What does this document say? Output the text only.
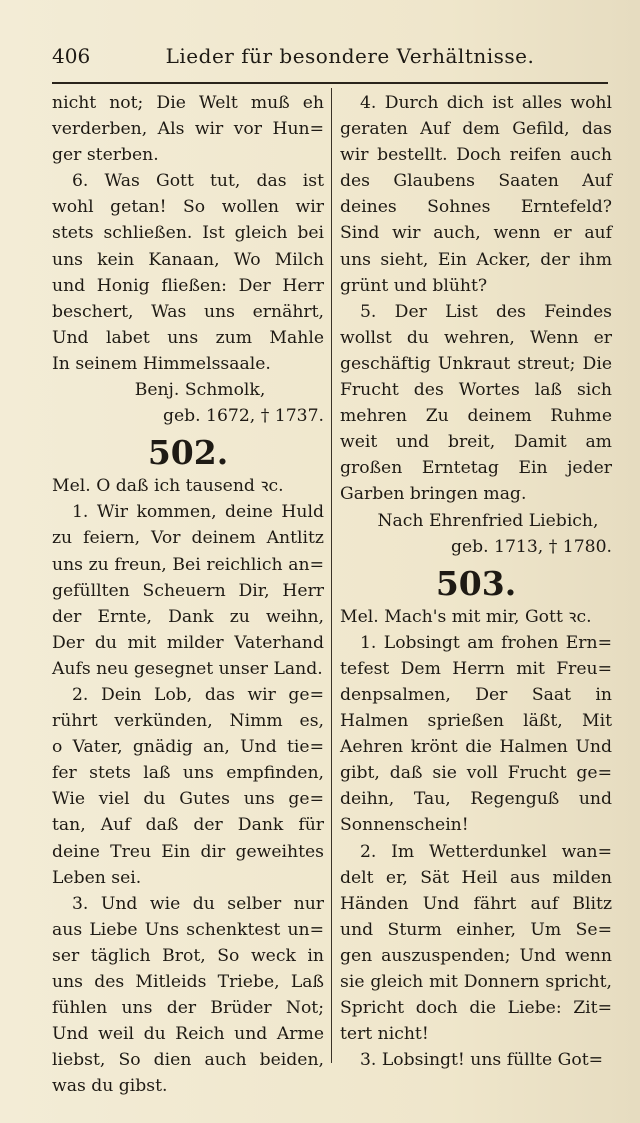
406	Lieder für besondere Verhältnisse.
nicht not; Die Welt muß eh
verderben, Als wir vor Hun=
ger sterben.
6. Was Gott tut, das ist
wohl getan! So wollen wir
stets schließen. Ist gleich bei
uns kein Kanaan, Wo Milch
und Honig fließen: Der Herr
beschert, Was uns ernährt,
Und labet uns zum Mahle
In seinem Himmelssaale.
Benj. Schmolk,
geb. 1672, † 1737.
502.
Mel. O daß ich tausend ꝛc.
1. Wir kommen, deine Huld
zu feiern, Vor deinem Antlitz
uns zu freun, Bei reichlich an=
gefüllten Scheuern Dir, Herr
der Ernte, Dank zu weihn,
Der du mit milder Vaterhand
Aufs neu gesegnet unser Land.
2. Dein Lob, das wir ge=
rührt verkünden, Nimm es,
o Vater, gnädig an, Und tie=
fer stets laß uns empfinden,
Wie viel du Gutes uns ge=
tan, Auf daß der Dank für
deine Treu Ein dir geweihtes
Leben sei.
3. Und wie du selber nur
aus Liebe Uns schenktest un=
ser täglich Brot, So weck in
uns des Mitleids Triebe, Laß
fühlen uns der Brüder Not;
Und weil du Reich und Arme
liebst, So dien auch beiden,
was du gibst.
4. Durch dich ist alles wohl
geraten Auf dem Gefild, das
wir bestellt. Doch reifen auch
des Glaubens Saaten Auf
deines Sohnes Erntefeld?
Sind wir auch, wenn er auf
uns sieht, Ein Acker, der ihm
grünt und blüht?
5. Der List des Feindes
wollst du wehren, Wenn er
geschäftig Unkraut streut; Die
Frucht des Wortes laß sich
mehren Zu deinem Ruhme
weit und breit, Damit am
großen Erntetag Ein jeder
Garben bringen mag.
Nach Ehrenfried Liebich,
geb. 1713, † 1780.
503.
Mel. Mach's mit mir, Gott ꝛc.
1. Lobsingt am frohen Ern=
tefest Dem Herrn mit Freu=
denpsalmen, Der Saat in
Halmen sprießen läßt, Mit
Aehren krönt die Halmen Und
gibt, daß sie voll Frucht ge=
deihn, Tau, Regenguß und
Sonnenschein!
2. Im Wetterdunkel wan=
delt er, Sät Heil aus milden
Händen Und fährt auf Blitz
und Sturm einher, Um Se=
gen auszuspenden; Und wenn
sie gleich mit Donnern spricht,
Spricht doch die Liebe: Zit=
tert nicht!
3. Lobsingt! uns füllte Got=
